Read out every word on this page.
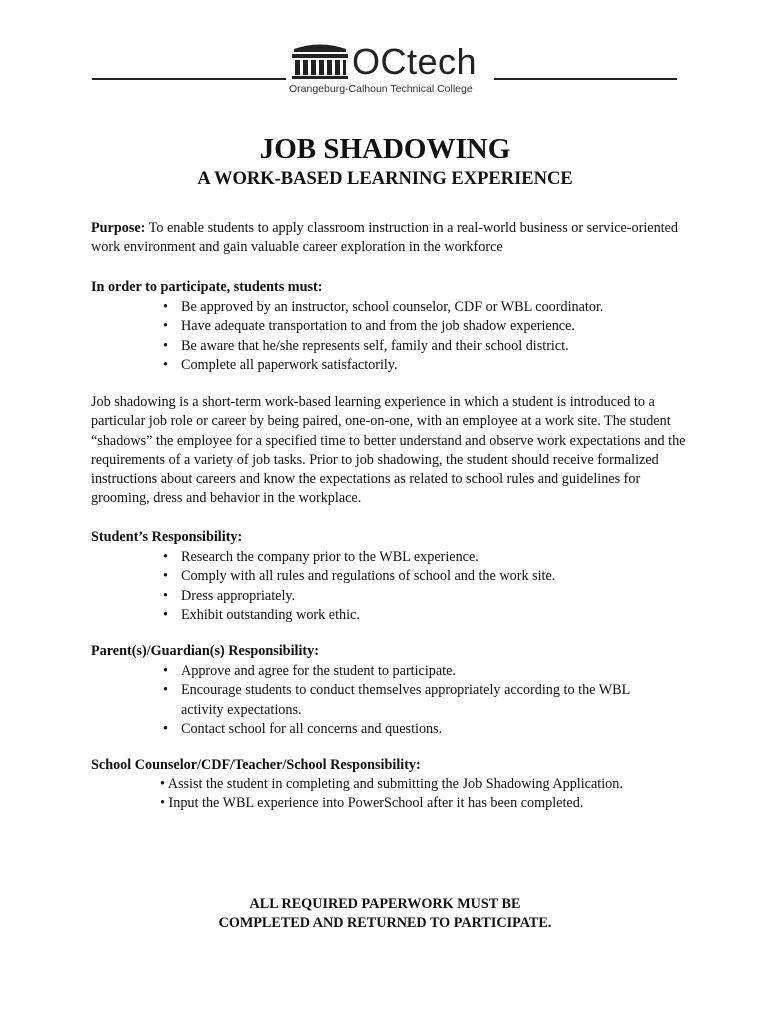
OCtech
Orangeburg-Calhoun Technical College
JOB SHADOWING
A WORK-BASED LEARNING EXPERIENCE

Purpose: To enable students to apply classroom instruction in a real-world business or service-oriented work environment and gain valuable career exploration in the workforce

In order to participate, students must:

• Be approved by an instructor, school counselor, CDF or WBL coordinator.
• Have adequate transportation to and from the job shadow experience.
• Be aware that he/she represents self, family and their school district.
• Complete all paperwork satisfactorily.

Job shadowing is a short-term work-based learning experience in which a student is introduced to a particular job role or career by being paired, one-on-one, with an employee at a work site. The student “shadows” the employee for a specified time to better understand and observe work expectations and the requirements of a variety of job tasks. Prior to job shadowing, the student should receive formalized instructions about careers and know the expectations as related to school rules and guidelines for grooming, dress and behavior in the workplace.

Student’s Responsibility:

• Research the company prior to the WBL experience.
• Comply with all rules and regulations of school and the work site.
• Dress appropriately.
• Exhibit outstanding work ethic.

Parent(s)/Guardian(s) Responsibility:

• Approve and agree for the student to participate.
• Encourage students to conduct themselves appropriately according to the WBL activity expectations.
• Contact school for all concerns and questions.

School Counselor/CDF/Teacher/School Responsibility:

• Assist the student in completing and submitting the Job Shadowing Application.
• Input the WBL experience into PowerSchool after it has been completed.
ALL REQUIRED PAPERWORK MUST BE
COMPLETED AND RETURNED TO PARTICIPATE.
